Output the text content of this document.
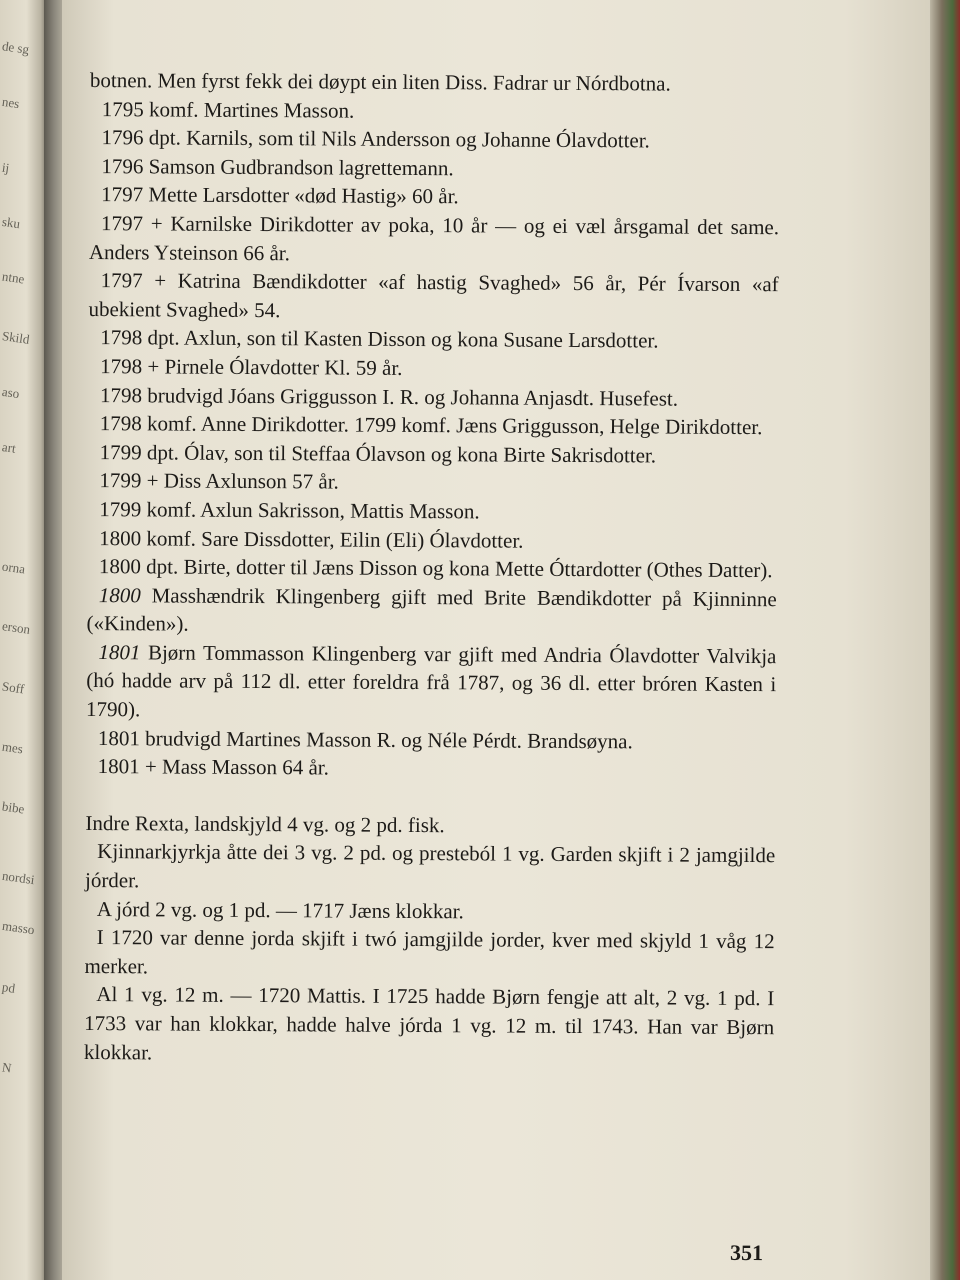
de sg
nes
ij
sku
ntne
Skild
aso
art
orna
erson
Soff
mes
bibe
nordsi
masso
pd
N

botnen. Men fyrst fekk dei døypt ein liten Diss. Fadrar ur Nórdbotna.

1795 komf. Martines Masson.

1796 dpt. Karnils, som til Nils Andersson og Johanne Ólavdotter.

1796 Samson Gudbrandson lagrettemann.

1797 Mette Larsdotter «død Hastig» 60 år.

1797 + Karnilske Dirikdotter av poka, 10 år — og ei væl årsgamal det same. Anders Ysteinson 66 år.

1797 + Katrina Bændikdotter «af hastig Svaghed» 56 år, Pér Ívarson «af ubekient Svaghed» 54.

1798 dpt. Axlun, son til Kasten Disson og kona Susane Larsdotter.

1798 + Pirnele Ólavdotter Kl. 59 år.

1798 brudvigd Jóans Griggusson I. R. og Johanna Anjasdt. Husefest.

1798 komf. Anne Dirikdotter. 1799 komf. Jæns Griggusson, Helge Dirikdotter.

1799 dpt. Ólav, son til Steffaa Ólavson og kona Birte Sakrisdotter.

1799 + Diss Axlunson 57 år.

1799 komf. Axlun Sakrisson, Mattis Masson.

1800 komf. Sare Dissdotter, Eilin (Eli) Ólavdotter.

1800 dpt. Birte, dotter til Jæns Disson og kona Mette Óttardotter (Othes Datter).

1800 Masshændrik Klingenberg gjift med Brite Bændikdotter på Kjinninne («Kinden»).

1801 Bjørn Tommasson Klingenberg var gjift med Andria Ólavdotter Valvikja (hó hadde arv på 112 dl. etter foreldra frå 1787, og 36 dl. etter bróren Kasten i 1790).

1801 brudvigd Martines Masson R. og Néle Pérdt. Brandsøyna.

1801 + Mass Masson 64 år.

Indre Rexta, landskjyld 4 vg. og 2 pd. fisk.

Kjinnarkjyrkja åtte dei 3 vg. 2 pd. og presteból 1 vg. Garden skjift i 2 jamgjilde jórder.

A jórd 2 vg. og 1 pd. — 1717 Jæns klokkar.

I 1720 var denne jorda skjift i twó jamgjilde jorder, kver med skjyld 1 våg 12 merker.

Al 1 vg. 12 m. — 1720 Mattis. I 1725 hadde Bjørn fengje att alt, 2 vg. 1 pd. I 1733 var han klokkar, hadde halve jórda 1 vg. 12 m. til 1743. Han var Bjørn klokkar.

351
